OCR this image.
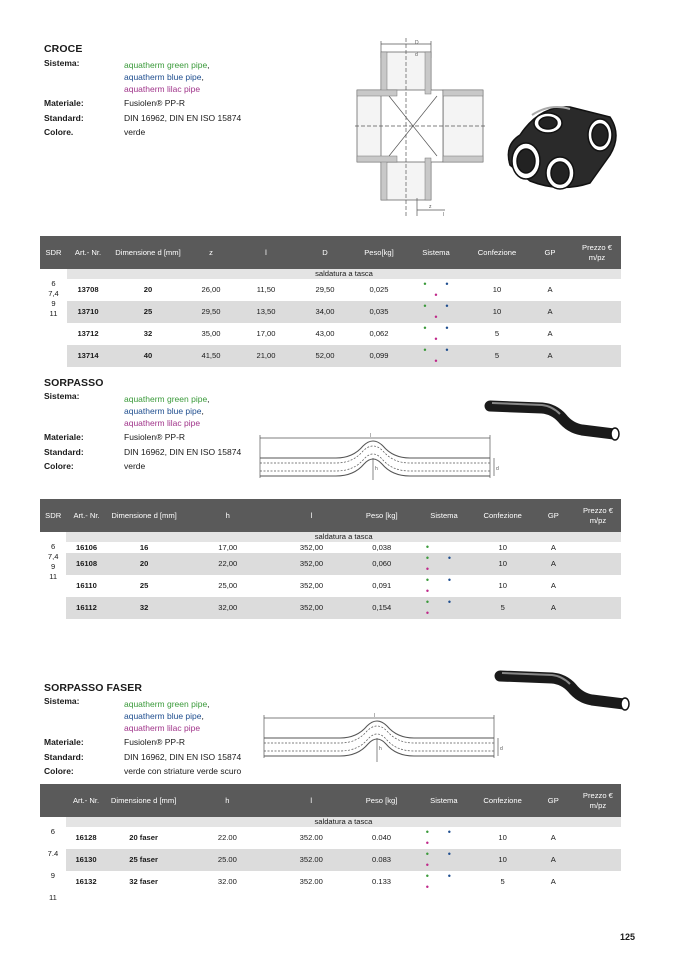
CROCE
Sistema:	aquatherm green pipe,
aquatherm blue pipe,
aquatherm lilac pipe
Materiale:	Fusiolen® PP-R
Standard:	DIN 16962, DIN EN ISO 15874
Colore.	verde
D
d
z
l
SDR	Art.- Nr.	Dimensione d [mm]	z	l	D	Peso[kg]	Sistema	Confezione	GP	Prezzo € m/pz
	saldatura a tasca									
6
7,4
9
11	13708	20	26,00	11,50	29,50	0,025	• ••	10	A	
	13710	25	29,50	13,50	34,00	0,035	• ••	10	A	
	13712	32	35,00	17,00	43,00	0,062	• ••	5	A	
	13714	40	41,50	21,00	52,00	0,099	• ••	5	A	
SORPASSO
Sistema:	aquatherm green pipe,
aquatherm blue pipe,
aquatherm lilac pipe
Materiale:	Fusiolen® PP-R
Standard:	DIN 16962, DIN EN ISO 15874
Colore:	verde
l
d
h
SDR	Art.- Nr.	Dimensione d [mm]	h	l	Peso [kg]	Sistema	Confezione	GP	Prezzo € m/pz
	saldatura a tasca								
6
7,4
9
11	16106	16	17,00	352,00	0,038	•	10	A	
	16108	20	22,00	352,00	0,060	• ••	10	A	
	16110	25	25,00	352,00	0,091	• ••	10	A	
	16112	32	32,00	352,00	0,154	• ••	5	A	
SORPASSO FASER
Sistema:	aquatherm green pipe,
aquatherm blue pipe,
aquatherm lilac pipe
Materiale:	Fusiolen® PP-R
Standard:	DIN 16962, DIN EN ISO 15874
Colore:	verde con striature verde scuro
l
d
h
	Art.- Nr.	Dimensione d [mm]	h	l	Peso [kg]	Sistema	Confezione	GP	Prezzo € m/pz
	saldatura a tasca								
6	16128	20 faser	22.00	352.00	0.040	• ••	10	A	
7.4	16130	25 faser	25.00	352.00	0.083	• ••	10	A	
9	16132	32 faser	32.00	352.00	0.133	• ••	5	A	
11									
125
